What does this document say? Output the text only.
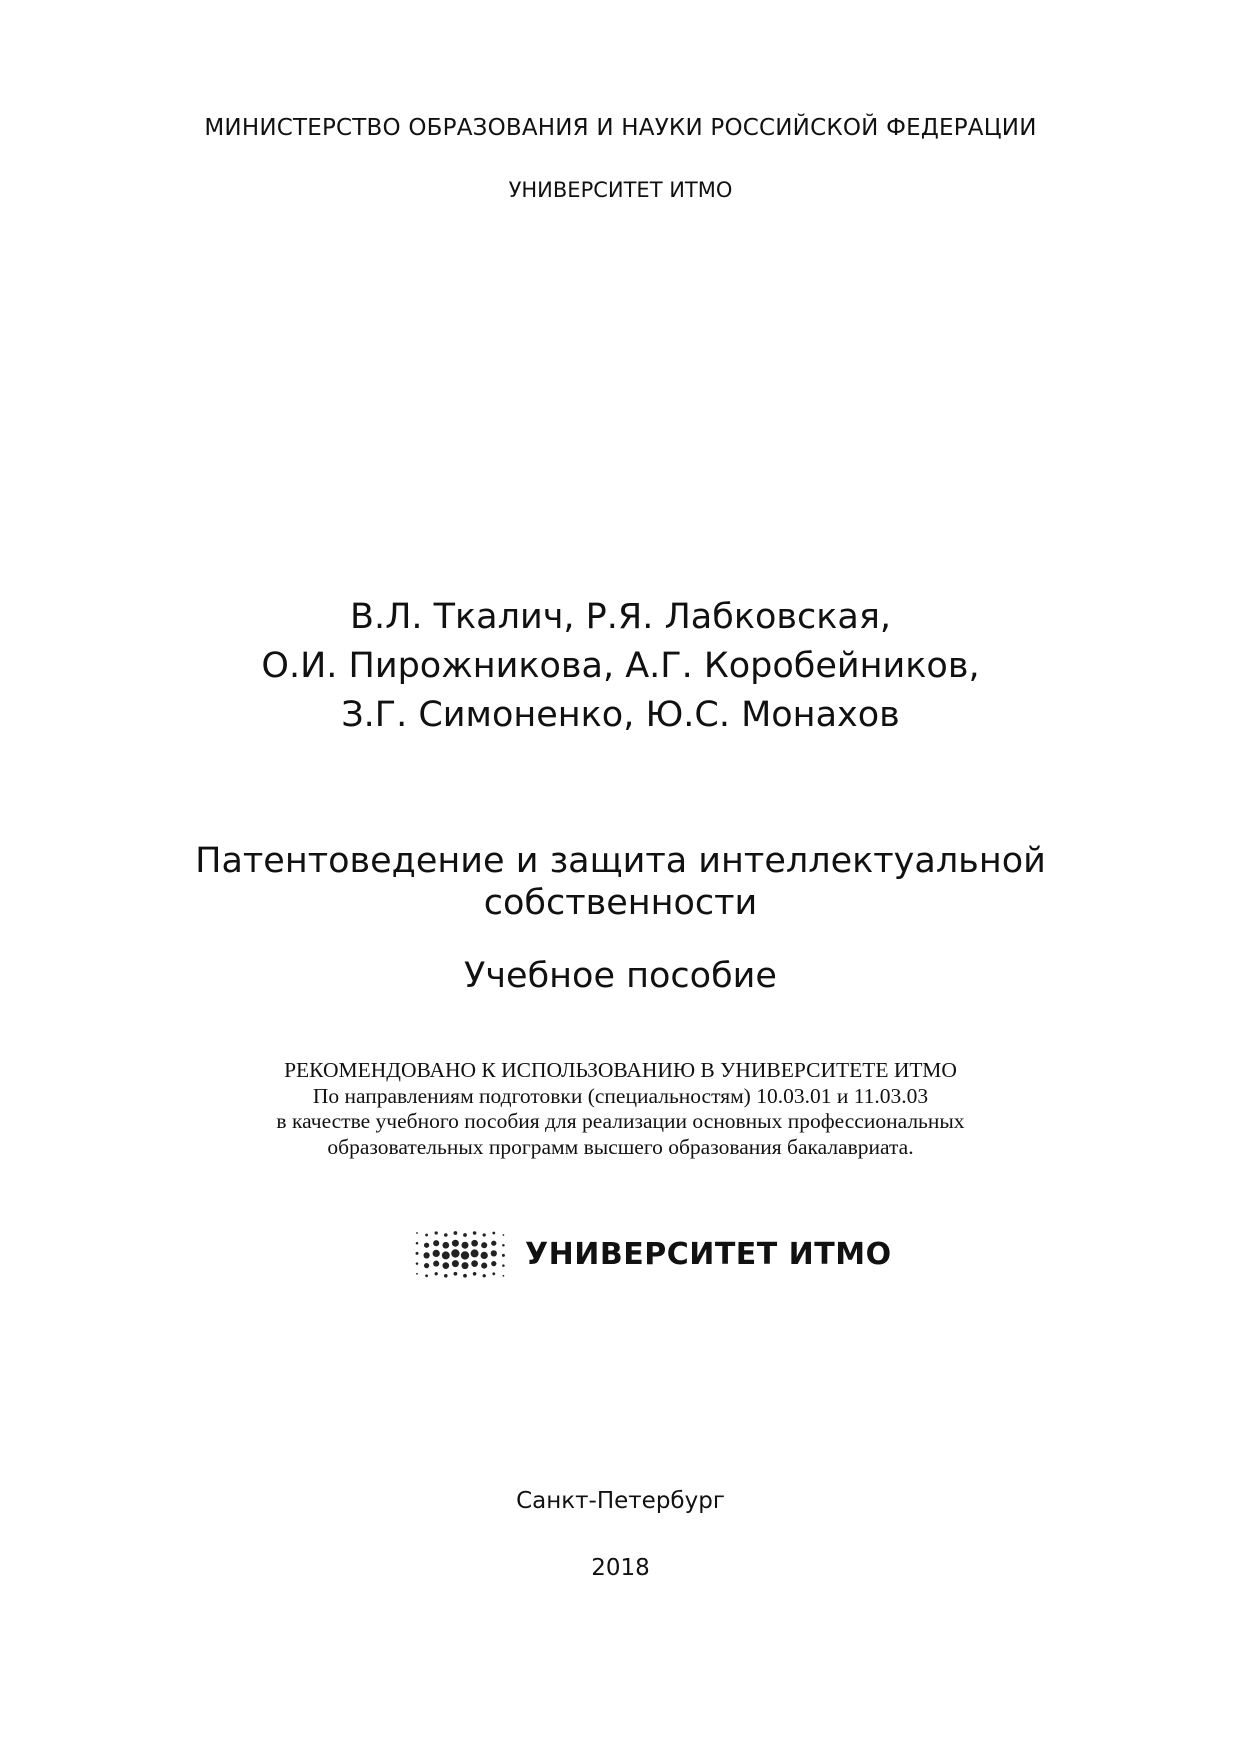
МИНИСТЕРСТВО ОБРАЗОВАНИЯ И НАУКИ РОССИЙСКОЙ ФЕДЕРАЦИИ

УНИВЕРСИТЕТ ИТМО

В.Л. Ткалич, Р.Я. Лабковская,
О.И. Пирожникова, А.Г. Коробейников,
З.Г. Симоненко, Ю.С. Монахов
Патентоведение и защита интеллектуальной
собственности

Учебное пособие

РЕКОМЕНДОВАНО К ИСПОЛЬЗОВАНИЮ В УНИВЕРСИТЕТЕ ИТМО
По направлениям подготовки (специальностям) 10.03.01 и 11.03.03
в качестве учебного пособия для реализации основных профессиональных
образовательных программ высшего образования бакалавриата.
УНИВЕРСИТЕТ ИТМО

Санкт-Петербург

2018
